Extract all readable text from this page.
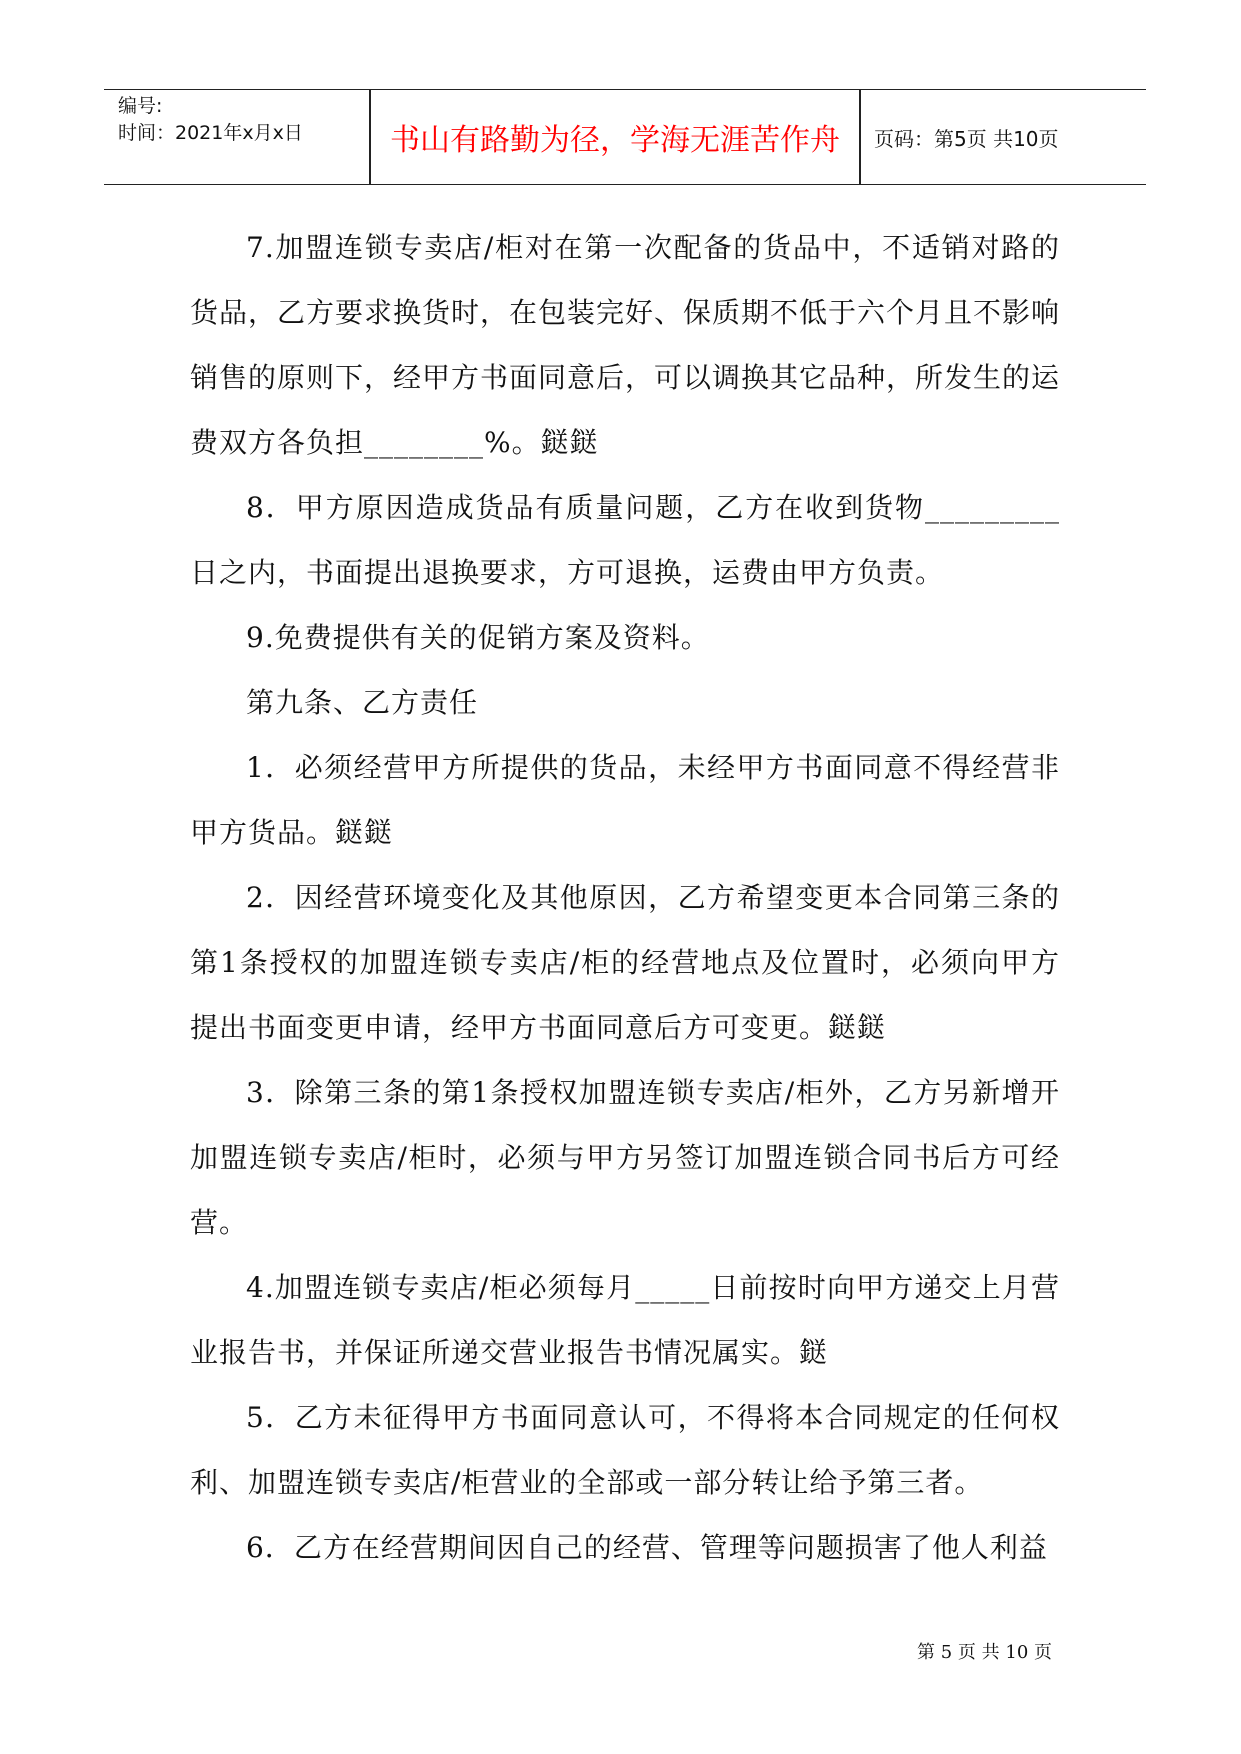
编号:
时间：2021年x月x日	书山有路勤为径，学海无涯苦作舟	页码：第5页 共10页

7.加盟连锁专卖店/柜对在第一次配备的货品中，不适销对路的货品，乙方要求换货时，在包装完好、保质期不低于六个月且不影响销售的原则下，经甲方书面同意后，可以调换其它品种，所发生的运费双方各负担________%。鎹鎹

8．甲方原因造成货品有质量问题，乙方在收到货物_________日之内，书面提出退换要求，方可退换，运费由甲方负责。

9.免费提供有关的促销方案及资料。

第九条、乙方责任

1．必须经营甲方所提供的货品，未经甲方书面同意不得经营非甲方货品。鎹鎹

2．因经营环境变化及其他原因，乙方希望变更本合同第三条的第1条授权的加盟连锁专卖店/柜的经营地点及位置时，必须向甲方提出书面变更申请，经甲方书面同意后方可变更。鎹鎹

3．除第三条的第1条授权加盟连锁专卖店/柜外，乙方另新增开加盟连锁专卖店/柜时，必须与甲方另签订加盟连锁合同书后方可经营。

4.加盟连锁专卖店/柜必须每月_____日前按时向甲方递交上月营业报告书，并保证所递交营业报告书情况属实。鎹

5．乙方未征得甲方书面同意认可，不得将本合同规定的任何权利、加盟连锁专卖店/柜营业的全部或一部分转让给予第三者。

6．乙方在经营期间因自己的经营、管理等问题损害了他人利益

第 5 页 共 10 页
